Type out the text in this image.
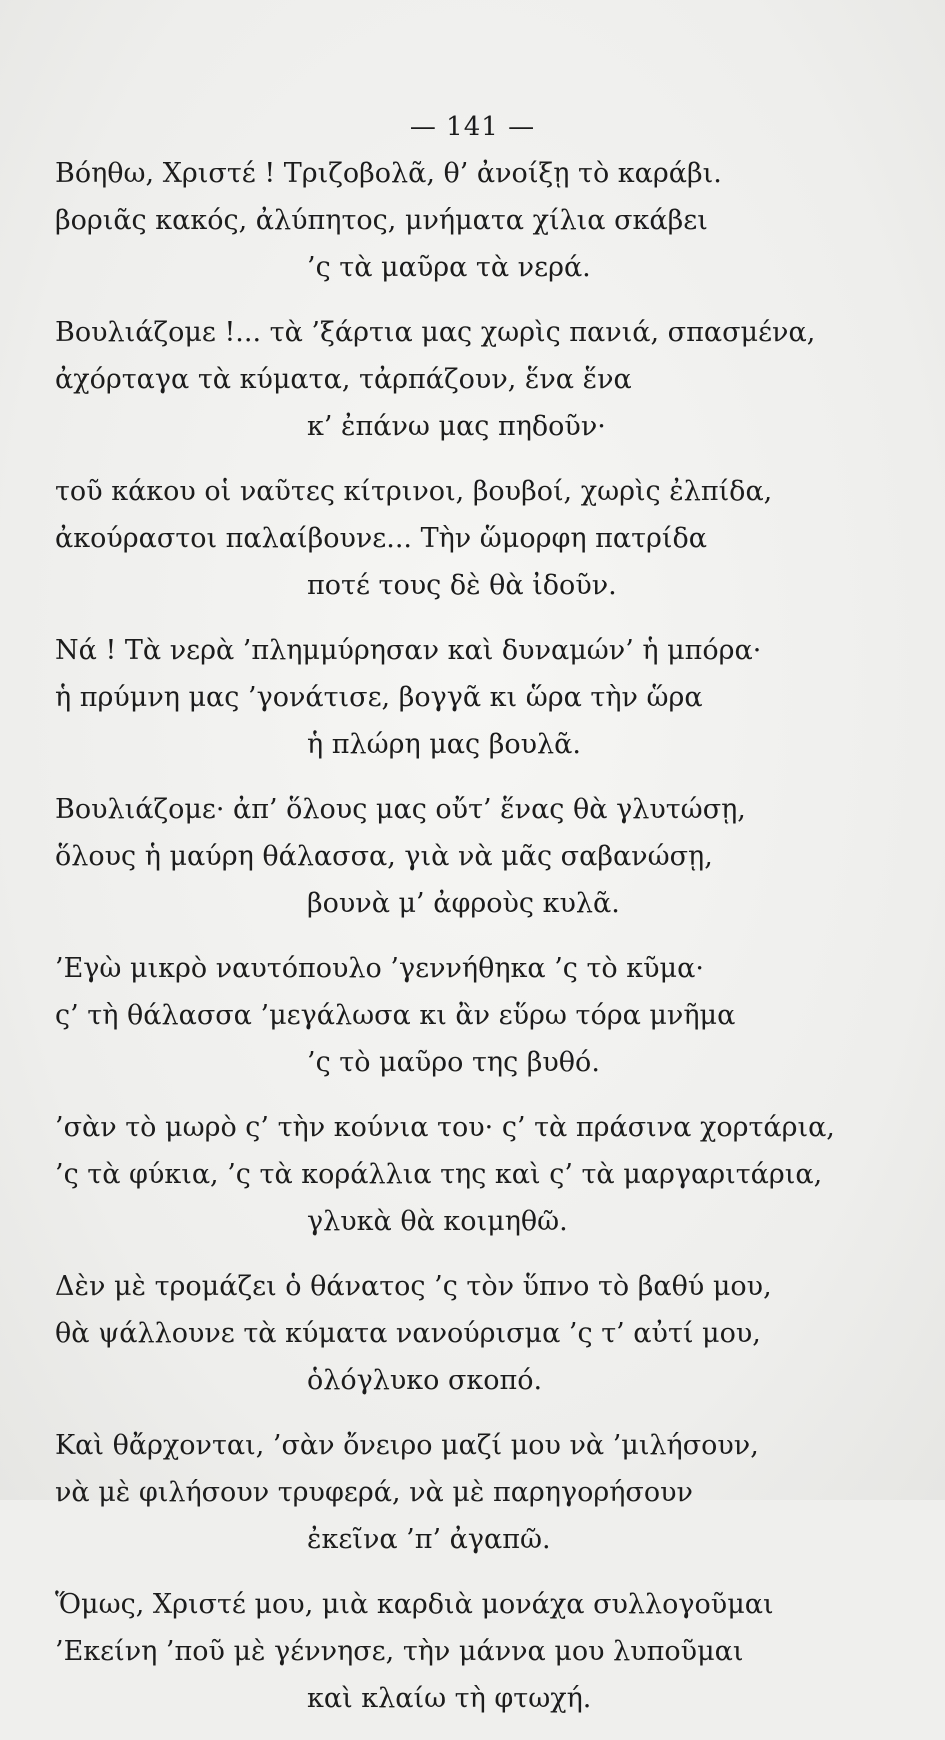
— 141 —
Βόηθω, Χριστέ ! Τριζοβολᾶ, θ’ ἀνοίξῃ τὸ καράβι.
βοριᾶς κακός, ἀλύπητος, μνήματα χίλια σκάβει
’ς τὰ μαῦρα τὰ νερά.
Βουλιάζομε !... τὰ ’ξάρτια μας χωρὶς πανιά, σπασμένα,
ἀχόρταγα τὰ κύματα, τἀρπάζουν, ἕνα ἕνα
κ’ ἐπάνω μας πηδοῦν·
τοῦ κάκου οἱ ναῦτες κίτρινοι, βουβοί, χωρὶς ἐλπίδα,
ἀκούραστοι παλαίβουνε... Τὴν ὥμορφη πατρίδα
ποτέ τους δὲ θὰ ἰδοῦν.
Νά ! Τὰ νερὰ ’πλημμύρησαν καὶ δυναμών’ ἡ μπόρα·
ἡ πρύμνη μας ’γονάτισε, βογγᾶ κι ὥρα τὴν ὥρα
ἡ πλώρη μας βουλᾶ.
Βουλιάζομε· ἀπ’ ὅλους μας οὔτ’ ἕνας θὰ γλυτώσῃ,
ὅλους ἡ μαύρη θάλασσα, γιὰ νὰ μᾶς σαβανώσῃ,
βουνὰ μ’ ἀφροὺς κυλᾶ.
’Εγὼ μικρὸ ναυτόπουλο ’γεννήθηκα ’ς τὸ κῦμα·
ς’ τὴ θάλασσα ’μεγάλωσα κι ἂν εὕρω τόρα μνῆμα
’ς τὸ μαῦρο της βυθό.
’σὰν τὸ μωρὸ ς’ τὴν κούνια του· ς’ τὰ πράσινα χορτάρια,
’ς τὰ φύκια, ’ς τὰ κοράλλια της καὶ ς’ τὰ μαργαριτάρια,
γλυκὰ θὰ κοιμηθῶ.
Δὲν μὲ τρομάζει ὁ θάνατος ’ς τὸν ὕπνο τὸ βαθύ μου,
θὰ ψάλλουνε τὰ κύματα νανούρισμα ’ς τ’ αὐτί μου,
ὁλόγλυκο σκοπό.
Καὶ θἄρχονται, ’σὰν ὄνειρο μαζί μου νὰ ’μιλήσουν,
νὰ μὲ φιλήσουν τρυφερά, νὰ μὲ παρηγορήσουν
ἐκεῖνα ’π’ ἀγαπῶ.
Ὅμως, Χριστέ μου, μιὰ καρδιὰ μονάχα συλλογοῦμαι
’Εκείνη ’ποῦ μὲ γέννησε, τὴν μάννα μου λυποῦμαι
καὶ κλαίω τὴ φτωχή.
